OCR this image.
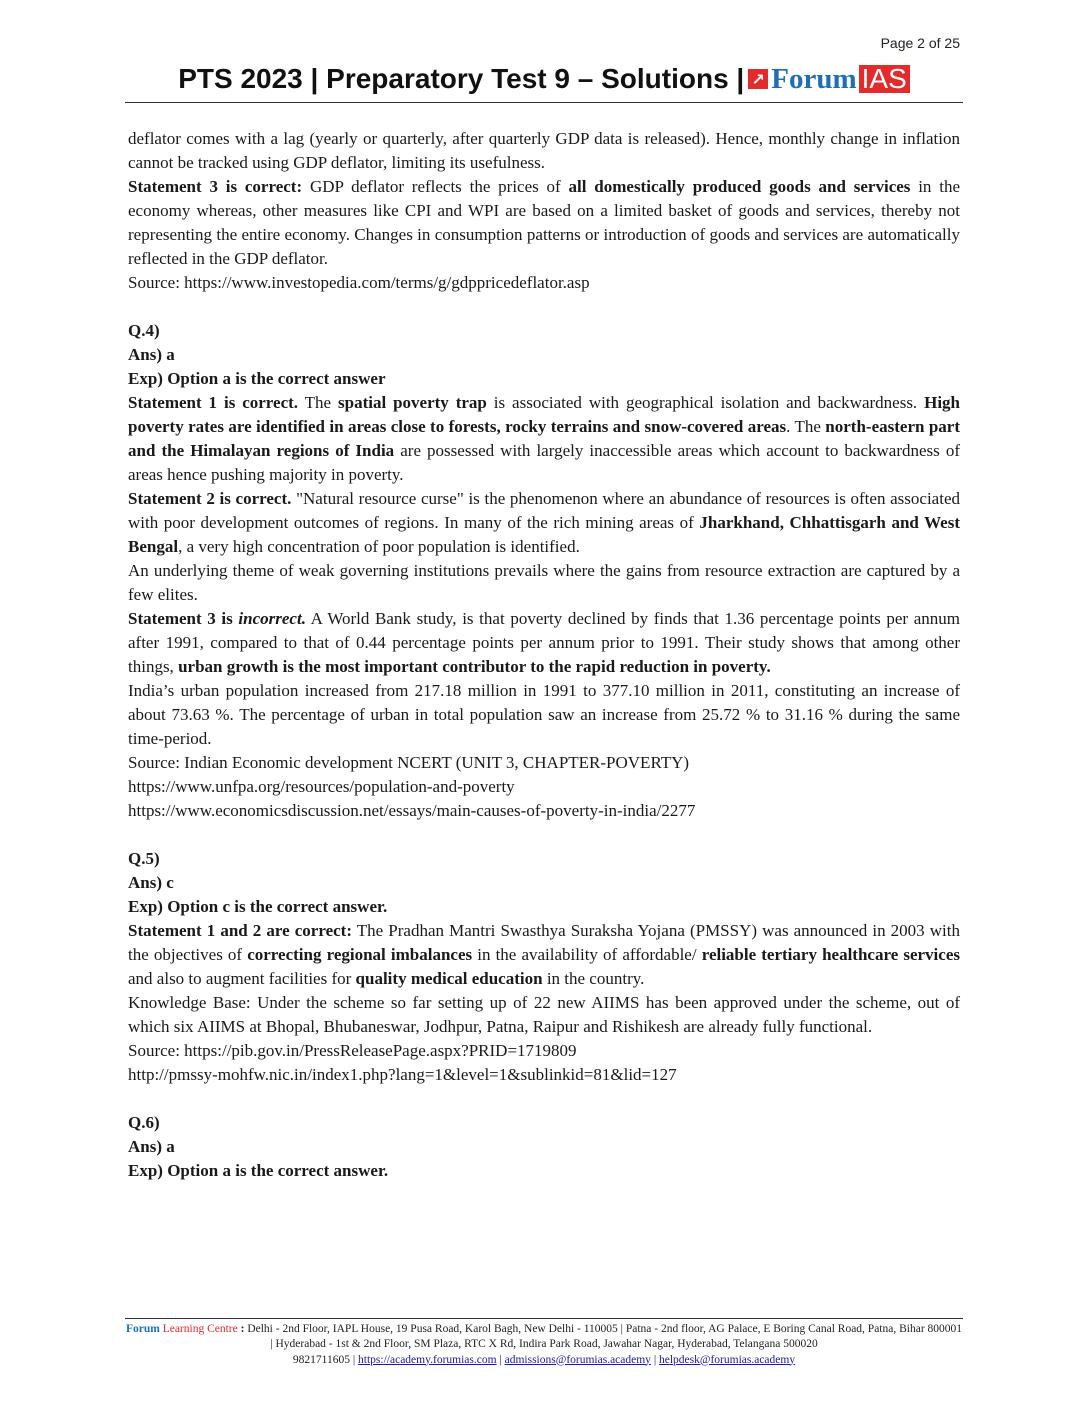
Page 2 of 25
PTS 2023 | Preparatory Test 9 – Solutions | ↗ Forum IAS

deflator comes with a lag (yearly or quarterly, after quarterly GDP data is released). Hence, monthly change in inflation cannot be tracked using GDP deflator, limiting its usefulness.

Statement 3 is correct: GDP deflator reflects the prices of all domestically produced goods and services in the economy whereas, other measures like CPI and WPI are based on a limited basket of goods and services, thereby not representing the entire economy. Changes in consumption patterns or introduction of goods and services are automatically reflected in the GDP deflator.

Source: https://www.investopedia.com/terms/g/gdppricedeflator.asp

Q.4)

Ans) a

Exp) Option a is the correct answer

Statement 1 is correct. The spatial poverty trap is associated with geographical isolation and backwardness. High poverty rates are identified in areas close to forests, rocky terrains and snow-covered areas. The north-eastern part and the Himalayan regions of India are possessed with largely inaccessible areas which account to backwardness of areas hence pushing majority in poverty.

Statement 2 is correct. "Natural resource curse" is the phenomenon where an abundance of resources is often associated with poor development outcomes of regions. In many of the rich mining areas of Jharkhand, Chhattisgarh and West Bengal, a very high concentration of poor population is identified.

An underlying theme of weak governing institutions prevails where the gains from resource extraction are captured by a few elites.

Statement 3 is incorrect. A World Bank study, is that poverty declined by finds that 1.36 percentage points per annum after 1991, compared to that of 0.44 percentage points per annum prior to 1991. Their study shows that among other things, urban growth is the most important contributor to the rapid reduction in poverty.

India’s urban population increased from 217.18 million in 1991 to 377.10 million in 2011, constituting an increase of about 73.63 %. The percentage of urban in total population saw an increase from 25.72 % to 31.16 % during the same time-period.

Source: Indian Economic development NCERT (UNIT 3, CHAPTER-POVERTY)

https://www.unfpa.org/resources/population-and-poverty

https://www.economicsdiscussion.net/essays/main-causes-of-poverty-in-india/2277

Q.5)

Ans) c

Exp) Option c is the correct answer.

Statement 1 and 2 are correct: The Pradhan Mantri Swasthya Suraksha Yojana (PMSSY) was announced in 2003 with the objectives of correcting regional imbalances in the availability of affordable/ reliable tertiary healthcare services and also to augment facilities for quality medical education in the country.

Knowledge Base: Under the scheme so far setting up of 22 new AIIMS has been approved under the scheme, out of which six AIIMS at Bhopal, Bhubaneswar, Jodhpur, Patna, Raipur and Rishikesh are already fully functional.

Source: https://pib.gov.in/PressReleasePage.aspx?PRID=1719809

http://pmssy-mohfw.nic.in/index1.php?lang=1&level=1&sublinkid=81&lid=127

Q.6)

Ans) a

Exp) Option a is the correct answer.

Forum Learning Centre : Delhi - 2nd Floor, IAPL House, 19 Pusa Road, Karol Bagh, New Delhi - 110005 | Patna - 2nd floor, AG Palace, E Boring Canal Road, Patna, Bihar 800001 | Hyderabad - 1st & 2nd Floor, SM Plaza, RTC X Rd, Indira Park Road, Jawahar Nagar, Hyderabad, Telangana 500020
9821711605 | https://academy.forumias.com | admissions@forumias.academy | helpdesk@forumias.academy
